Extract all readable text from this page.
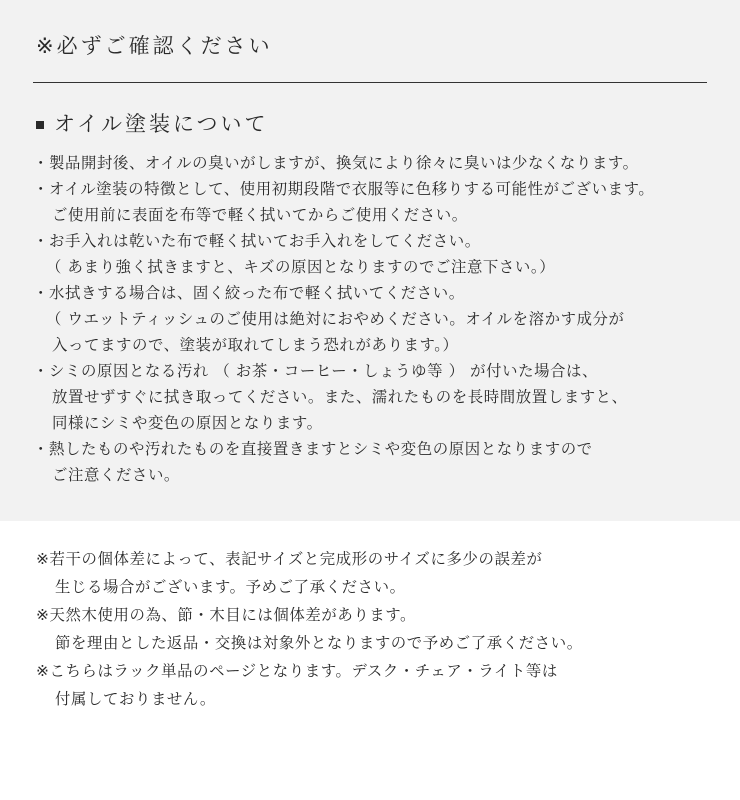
※必ずご確認ください
オイル塗装について
・製品開封後、オイルの臭いがしますが、換気により徐々に臭いは少なくなります。
・オイル塗装の特徴として、使用初期段階で衣服等に色移りする可能性がございます。
ご使用前に表面を布等で軽く拭いてからご使用ください。
・お手入れは乾いた布で軽く拭いてお手入れをしてください。
（ あまり強く拭きますと、キズの原因となりますのでご注意下さい。）
・水拭きする場合は、固く絞った布で軽く拭いてください。
（ ウエットティッシュのご使用は絶対におやめください。オイルを溶かす成分が
入ってますので、塗装が取れてしまう恐れがあります。）
・シミの原因となる汚れ （ お茶・コーヒー・しょうゆ等 ） が付いた場合は、
放置せずすぐに拭き取ってください。また、濡れたものを長時間放置しますと、
同様にシミや変色の原因となります。
・熱したものや汚れたものを直接置きますとシミや変色の原因となりますので
ご注意ください。
※若干の個体差によって、表記サイズと完成形のサイズに多少の誤差が
生じる場合がございます。予めご了承ください。
※天然木使用の為、節・木目には個体差があります。
節を理由とした返品・交換は対象外となりますので予めご了承ください。
※こちらはラック単品のページとなります。デスク・チェア・ライト等は
付属しておりません。
